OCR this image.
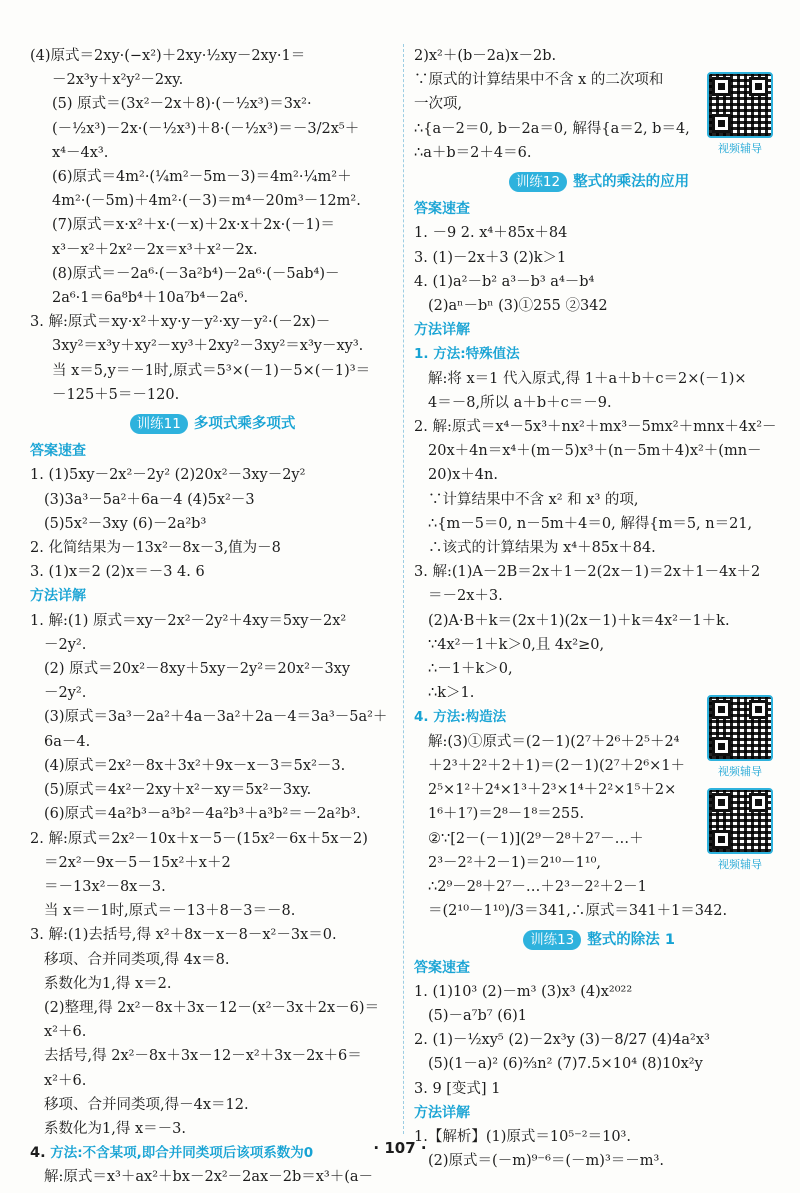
(4)原式＝2xy·(−x²)＋2xy·½xy－2xy·1＝
－2x³y＋x²y²－2xy.
(5) 原式＝(3x²－2x＋8)·(－½x³)＝3x²·
(－½x³)－2x·(－½x³)＋8·(－½x³)＝－3/2x⁵＋
x⁴－4x³.
(6)原式＝4m²·(¼m²－5m－3)＝4m²·¼m²＋
4m²·(－5m)＋4m²·(－3)＝m⁴－20m³－12m².
(7)原式＝x·x²＋x·(－x)＋2x·x＋2x·(－1)＝
x³－x²＋2x²－2x＝x³＋x²－2x.
(8)原式＝－2a⁶·(－3a²b⁴)－2a⁶·(－5ab⁴)－
2a⁶·1＝6a⁸b⁴＋10a⁷b⁴－2a⁶.
3. 解:原式＝xy·x²＋xy·y－y²·xy－y²·(－2x)－
3xy²＝x³y＋xy²－xy³＋2xy²－3xy²＝x³y－xy³.
当 x＝5,y＝－1时,原式＝5³×(－1)－5×(－1)³＝
－125＋5＝－120.
训练11 多项式乘多项式
答案速查
1. (1)5xy－2x²－2y² (2)20x²－3xy－2y²
(3)3a³－5a²＋6a－4 (4)5x²－3
(5)5x²－3xy (6)－2a²b³
2. 化简结果为－13x²－8x－3,值为－8
3. (1)x＝2 (2)x＝－3 4. 6
方法详解
1. 解:(1) 原式＝xy－2x²－2y²＋4xy＝5xy－2x²
－2y².
(2) 原式＝20x²－8xy＋5xy－2y²＝20x²－3xy
－2y².
(3)原式＝3a³－2a²＋4a－3a²＋2a－4＝3a³－5a²＋
6a－4.
(4)原式＝2x²－8x＋3x²＋9x－x－3＝5x²－3.
(5)原式＝4x²－2xy＋x²－xy＝5x²－3xy.
(6)原式＝4a²b³－a³b²－4a²b³＋a³b²＝－2a²b³.
2. 解:原式＝2x²－10x＋x－5－(15x²－6x＋5x－2)
＝2x²－9x－5－15x²＋x＋2
＝－13x²－8x－3.
当 x＝－1时,原式＝－13＋8－3＝－8.
3. 解:(1)去括号,得 x²＋8x－x－8－x²－3x＝0.
移项、合并同类项,得 4x＝8.
系数化为1,得 x＝2.
(2)整理,得 2x²－8x＋3x－12－(x²－3x＋2x－6)＝
x²＋6.
去括号,得 2x²－8x＋3x－12－x²＋3x－2x＋6＝
x²＋6.
移项、合并同类项,得－4x＝12.
系数化为1,得 x＝－3.
4. 方法:不含某项,即合并同类项后该项系数为0
解:原式＝x³＋ax²＋bx－2x²－2ax－2b＝x³＋(a－
2)x²＋(b－2a)x－2b.
∵原式的计算结果中不含 x 的二次项和
一次项,
∴{a－2＝0, b－2a＝0, 解得{a＝2, b＝4,
∴a＋b＝2＋4＝6.
训练12 整式的乘法的应用
答案速查
1. －9 2. x⁴＋85x＋84
3. (1)－2x＋3 (2)k＞1
4. (1)a²－b² a³－b³ a⁴－b⁴
(2)aⁿ－bⁿ (3)①255 ②342
方法详解
1. 方法:特殊值法
解:将 x＝1 代入原式,得 1＋a＋b＋c＝2×(－1)×
4＝－8,所以 a＋b＋c＝－9.
2. 解:原式＝x⁴－5x³＋nx²＋mx³－5mx²＋mnx＋4x²－
20x＋4n＝x⁴＋(m－5)x³＋(n－5m＋4)x²＋(mn－
20)x＋4n.
∵计算结果中不含 x² 和 x³ 的项,
∴{m－5＝0, n－5m＋4＝0, 解得{m＝5, n＝21,
∴该式的计算结果为 x⁴＋85x＋84.
3. 解:(1)A－2B＝2x＋1－2(2x－1)＝2x＋1－4x＋2
＝－2x＋3.
(2)A·B＋k＝(2x＋1)(2x－1)＋k＝4x²－1＋k.
∵4x²－1＋k＞0,且 4x²≥0,
∴－1＋k＞0,
∴k＞1.
4. 方法:构造法
解:(3)①原式＝(2－1)(2⁷＋2⁶＋2⁵＋2⁴
＋2³＋2²＋2＋1)＝(2－1)(2⁷＋2⁶×1＋
2⁵×1²＋2⁴×1³＋2³×1⁴＋2²×1⁵＋2×
1⁶＋1⁷)＝2⁸－1⁸＝255.
②∵[2－(－1)](2⁹－2⁸＋2⁷－…＋
2³－2²＋2－1)＝2¹⁰－1¹⁰,
∴2⁹－2⁸＋2⁷－…＋2³－2²＋2－1
＝(2¹⁰－1¹⁰)/3＝341,∴原式＝341＋1＝342.
训练13 整式的除法 1
答案速查
1. (1)10³ (2)－m³ (3)x³ (4)x²⁰²²
(5)－a⁷b⁷ (6)1
2. (1)－½xy⁵ (2)－2x³y (3)－8/27 (4)4a²x³
(5)(1－a)² (6)⅔n² (7)7.5×10⁴ (8)10x²y
3. 9 [变式] 1
方法详解
1.【解析】(1)原式＝10⁵⁻²＝10³.
(2)原式＝(－m)⁹⁻⁶＝(－m)³＝－m³.
视频辅导
视频辅导
视频辅导
· 107 ·
